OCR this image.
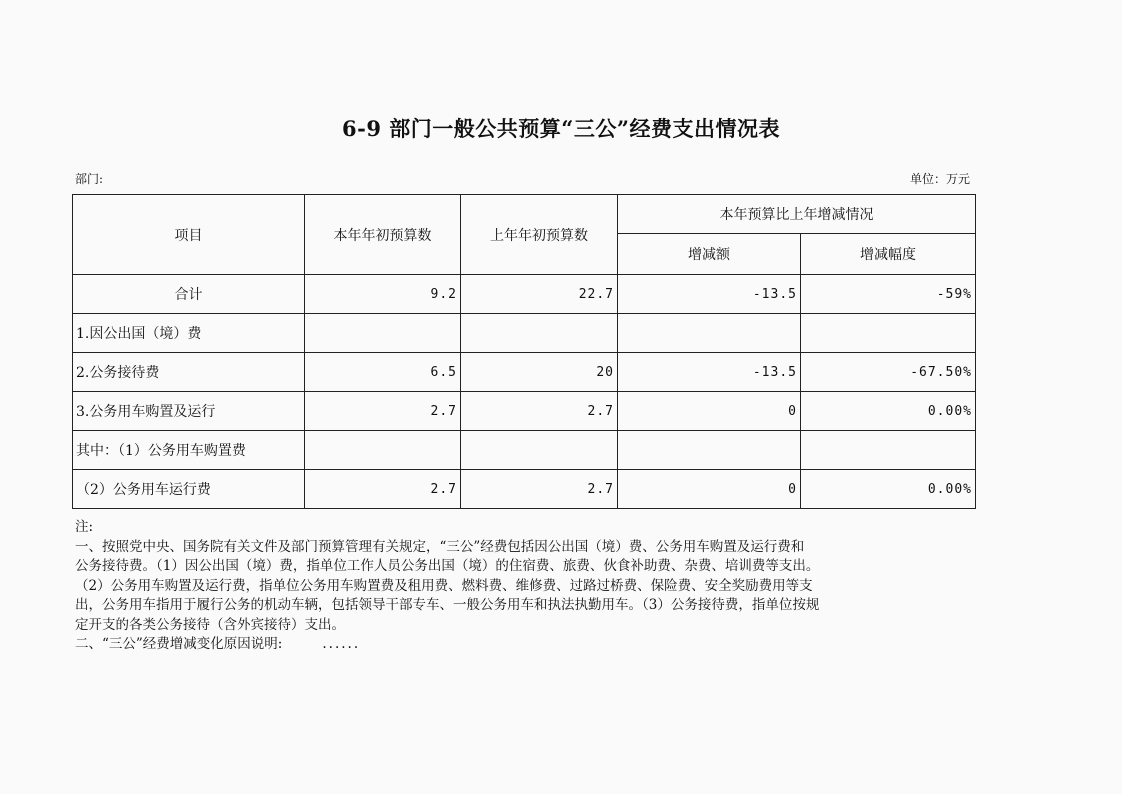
6-9 部门一般公共预算“三公”经费支出情况表
部门:	单位：万元
项目	本年年初预算数	上年年初预算数	本年预算比上年增减情况	
			增减额	增减幅度
合计	9.2	22.7	-13.5	-59%
1.因公出国（境）费				
2.公务接待费	6.5	20	-13.5	-67.50%
3.公务用车购置及运行	2.7	2.7	0	0.00%
其中：（1）公务用车购置费				
（2）公务用车运行费	2.7	2.7	0	0.00%

注:

一、按照党中央、国务院有关文件及部门预算管理有关规定，“三公”经费包括因公出国（境）费、公务用车购置及运行费和

公务接待费。（1）因公出国（境）费，指单位工作人员公务出国（境）的住宿费、旅费、伙食补助费、杂费、培训费等支出。

（2）公务用车购置及运行费，指单位公务用车购置费及租用费、燃料费、维修费、过路过桥费、保险费、安全奖励费用等支

出，公务用车指用于履行公务的机动车辆，包括领导干部专车、一般公务用车和执法执勤用车。（3）公务接待费，指单位按规

定开支的各类公务接待（含外宾接待）支出。

二、“三公”经费增减变化原因说明:	......
